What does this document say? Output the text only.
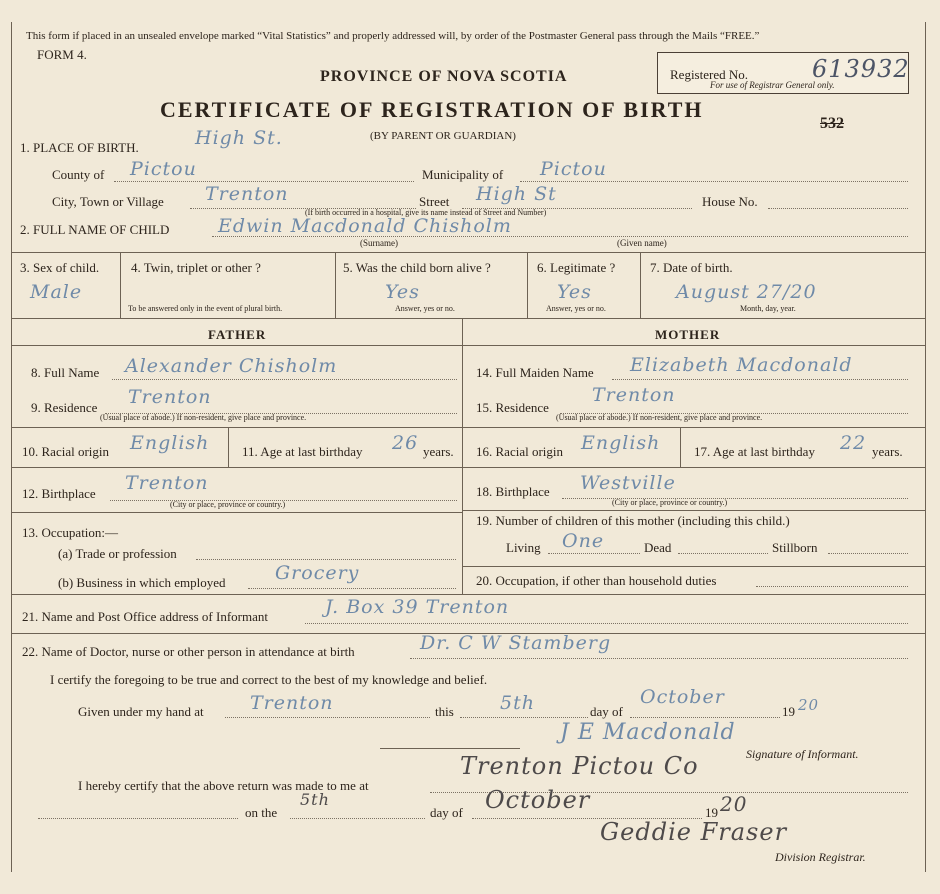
This form if placed in an unsealed envelope marked “Vital Statistics” and properly addressed will, by order of the Postmaster General pass through the Mails “FREE.”
FORM 4.
PROVINCE OF NOVA SCOTIA
CERTIFICATE OF REGISTRATION OF BIRTH
(BY PARENT OR GUARDIAN)
Registered No.	613932
For use of Registrar General only.
532
1. PLACE OF BIRTH.	High St.
County of Pictou	Municipality of Pictou
City, Town or Village Trenton	Street High St	House No.
(If birth occurred in a hospital, give its name instead of Street and Number)
2. FULL NAME OF CHILD	Edwin Macdonald Chisholm
(Surname)	(Given name)
3. Sex of child.
Male
4. Twin, triplet or other ?
To be answered only in the event of plural birth.
5. Was the child born alive ?
Yes
Answer, yes or no.
6. Legitimate ?
Yes
Answer, yes or no.
7. Date of birth.
August 27/20
Month, day, year.
FATHER	MOTHER
8. Full Name Alexander Chisholm
9. Residence Trenton
(Usual place of abode.) If non-resident, give place and province.
10. Racial origin English	11. Age at last birthday 26 years.
12. Birthplace Trenton
(City or place, province or country.)
13. Occupation:—
(a) Trade or profession
(b) Business in which employed	Grocery
14. Full Maiden Name Elizabeth Macdonald
15. Residence
Trenton
(Usual place of abode.) If non-resident, give place and province.
16. Racial origin English	17. Age at last birthday 22 years.
18. Birthplace Westville
(City or place, province or country.)
19. Number of children of this mother (including this child.)
Living One	Dead	Stillborn
20. Occupation, if other than household duties
21. Name and Post Office address of Informant	J. Box 39 Trenton
22. Name of Doctor, nurse or other person in attendance at birth	Dr. C W Stamberg
I certify the foregoing to be true and correct to the best of my knowledge and belief.
Given under my hand at Trenton	this 5th	day of
October
19 20
J E Macdonald
Signature of Informant.
I hereby certify that the above return was made to me at
Trenton Pictou Co
on the
5th
day of October	19 20
Geddie Fraser
Division Registrar.
